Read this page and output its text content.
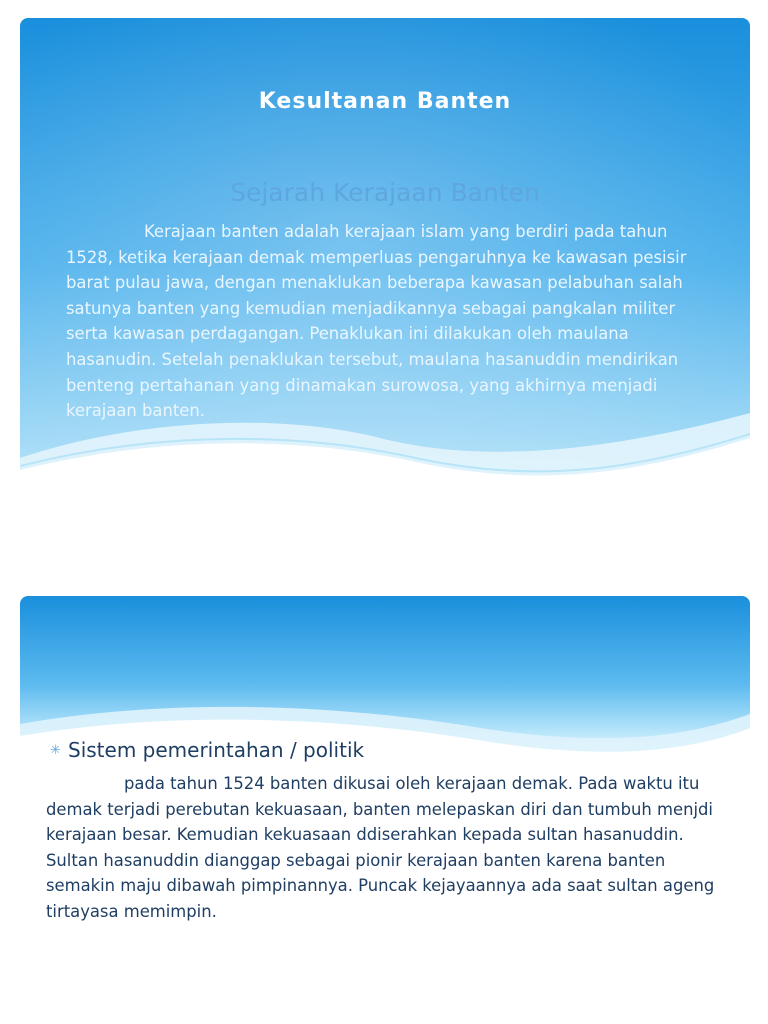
Kesultanan Banten
Sejarah Kerajaan Banten

Kerajaan banten adalah kerajaan islam yang berdiri pada tahun 1528, ketika kerajaan demak memperluas pengaruhnya ke kawasan pesisir barat pulau jawa, dengan menaklukan beberapa kawasan pelabuhan salah satunya banten yang kemudian menjadikannya sebagai pangkalan militer serta kawasan perdagangan. Penaklukan ini dilakukan oleh maulana hasanudin. Setelah penaklukan tersebut, maulana hasanuddin mendirikan benteng pertahanan yang dinamakan surowosa, yang akhirnya menjadi kerajaan banten.

✳ Sistem pemerintahan / politik

pada tahun 1524 banten dikusai oleh kerajaan demak. Pada waktu itu demak terjadi perebutan kekuasaan, banten melepaskan diri dan tumbuh menjdi kerajaan besar. Kemudian kekuasaan ddiserahkan kepada sultan hasanuddin. Sultan hasanuddin dianggap sebagai pionir kerajaan banten karena banten semakin maju dibawah pimpinannya. Puncak kejayaannya ada saat sultan ageng tirtayasa memimpin.
